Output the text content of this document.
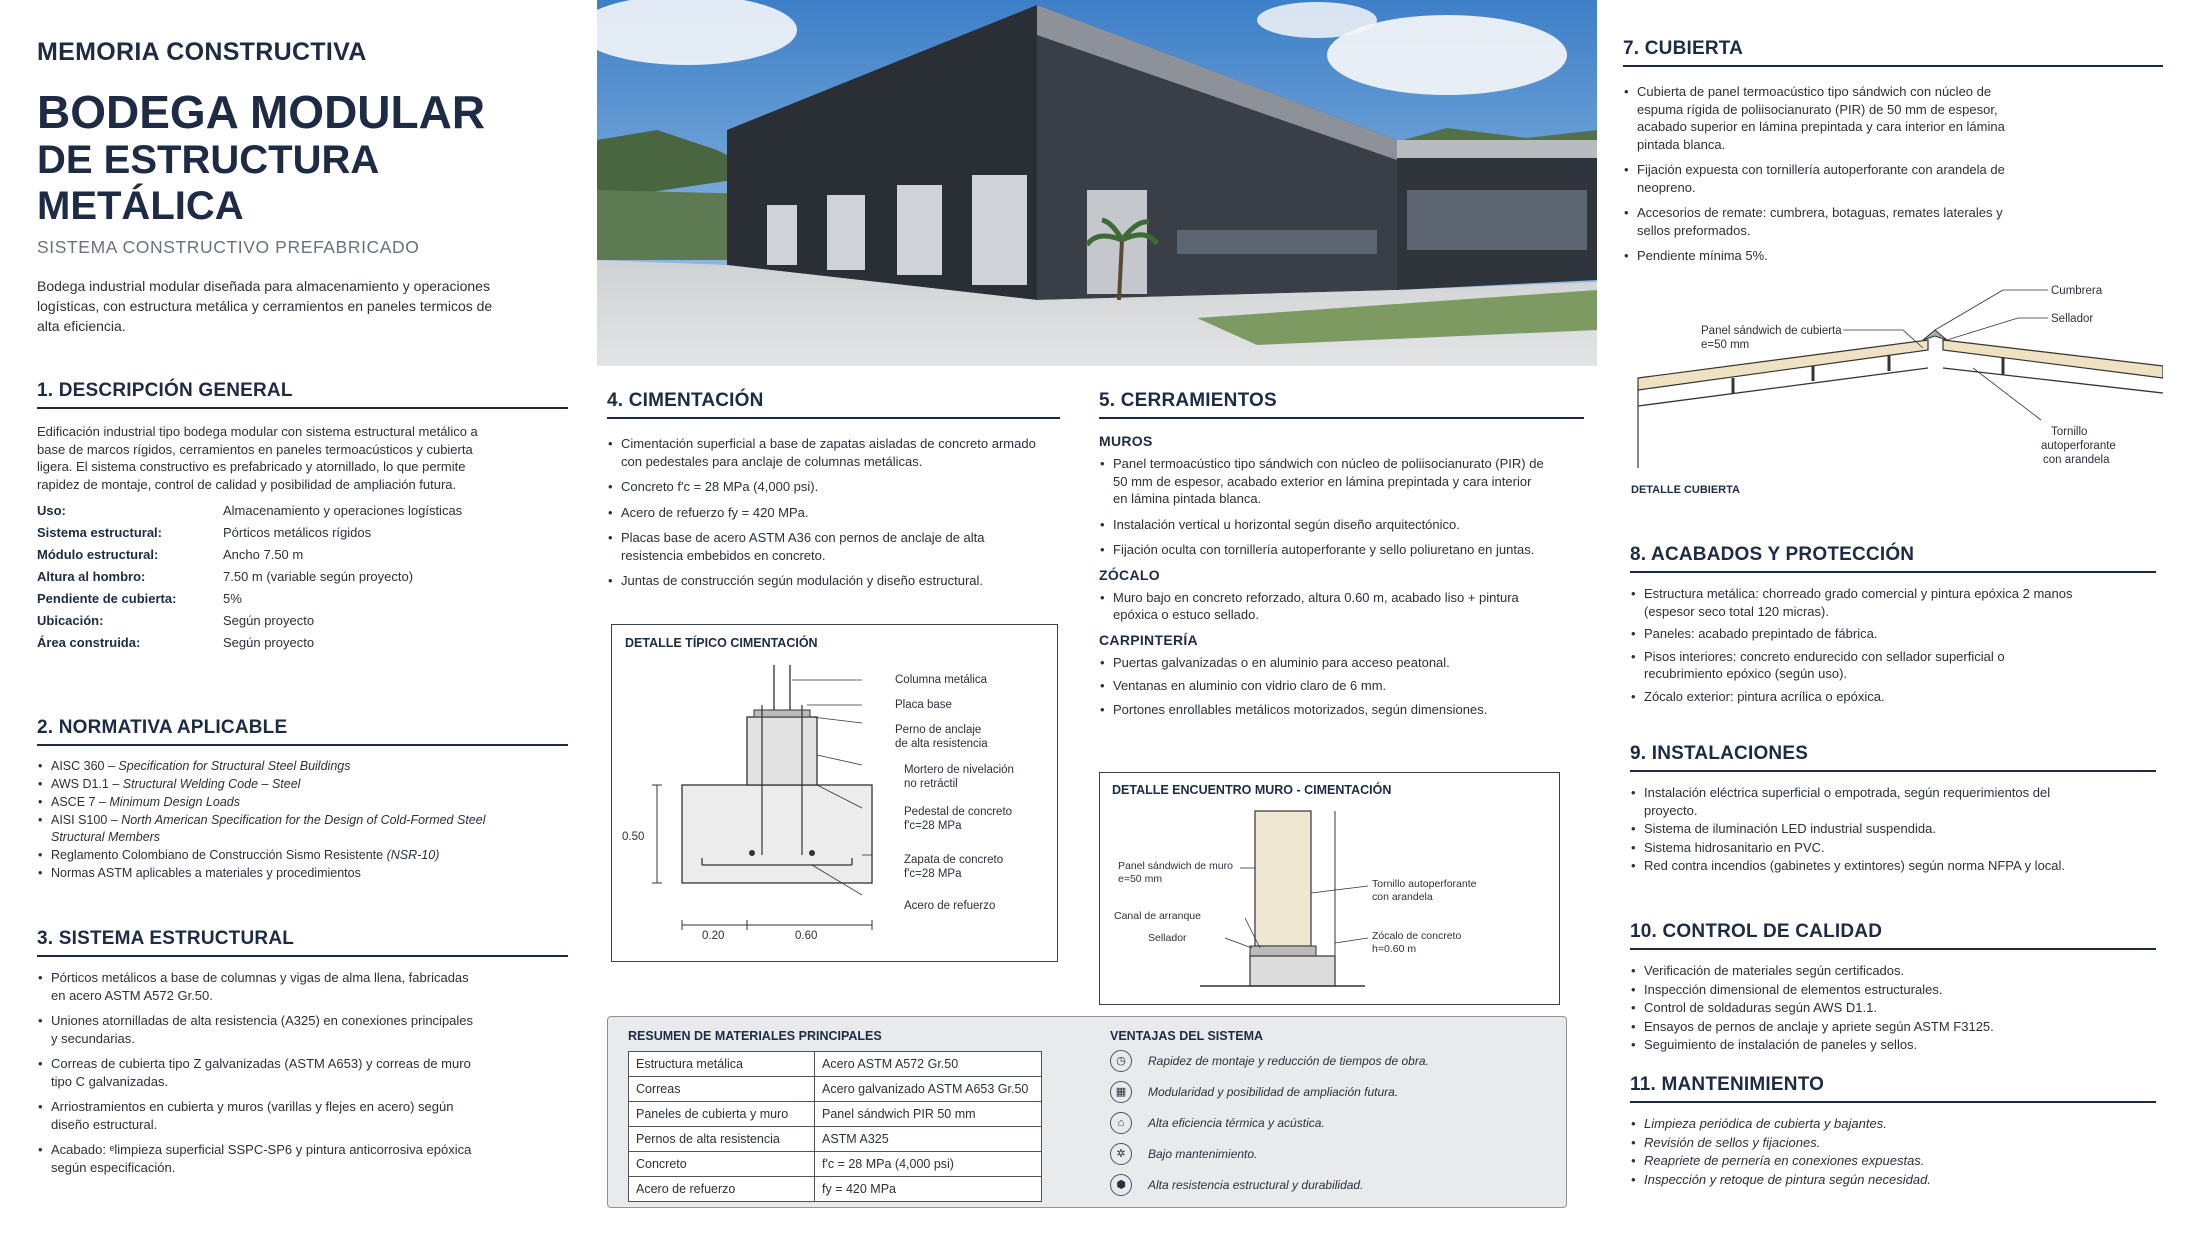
MEMORIA CONSTRUCTIVA
BODEGA MODULAR
DE ESTRUCTURA METÁLICA
SISTEMA CONSTRUCTIVO PREFABRICADO
Bodega industrial modular diseñada para almacenamiento y operaciones logísticas, con estructura metálica y cerramientos en paneles termicos de alta eficiencia.
1. DESCRIPCIÓN GENERAL
Edificación industrial tipo bodega modular con sistema estructural metálico a base de marcos rígidos, cerramientos en paneles termoacústicos y cubierta ligera. El sistema constructivo es prefabricado y atornillado, lo que permite rapidez de montaje, control de calidad y posibilidad de ampliación futura.
Uso:	Almacenamiento y operaciones logísticas
Sistema estructural:	Pórticos metálicos rígidos
Módulo estructural:	Ancho 7.50 m
Altura al hombro:	7.50 m (variable según proyecto)
Pendiente de cubierta:	5%
Ubicación:	Según proyecto
Área construida:	Según proyecto
2. NORMATIVA APLICABLE
• AISC 360 – Specification for Structural Steel Buildings
• AWS D1.1 – Structural Welding Code – Steel
• ASCE 7 – Minimum Design Loads
• AISI S100 – North American Specification for the Design of Cold-Formed Steel Structural Members
• Reglamento Colombiano de Construcción Sismo Resistente (NSR-10)
• Normas ASTM aplicables a materiales y procedimientos
3. SISTEMA ESTRUCTURAL
• Pórticos metálicos a base de columnas y vigas de alma llena, fabricadas en acero ASTM A572 Gr.50.
• Uniones atornilladas de alta resistencia (A325) en conexiones principales y secundarias.
• Correas de cubierta tipo Z galvanizadas (ASTM A653) y correas de muro tipo C galvanizadas.
• Arriostramientos en cubierta y muros (varillas y flejes en acero) según diseño estructural.
• Acabado: ᵉlimpieza superficial SSPC-SP6 y pintura anticorrosiva epóxica según especificación.
4. CIMENTACIÓN
• Cimentación superficial a base de zapatas aisladas de concreto armado con pedestales para anclaje de columnas metálicas.
• Concreto f'c = 28 MPa (4,000 psi).
• Acero de refuerzo fy = 420 MPa.
• Placas base de acero ASTM A36 con pernos de anclaje de alta resistencia embebidos en concreto.
• Juntas de construcción según modulación y diseño estructural.
DETALLE TÍPICO CIMENTACIÓN
Columna metálica
Placa base
Perno de anclaje
de alta resistencia
Mortero de nivelación
no retráctil
Pedestal de concreto
f'c=28 MPa
Zapata de concreto
f'c=28 MPa
Acero de refuerzo
0.50
0.20	0.60
5. CERRAMIENTOS
MUROS
• Panel termoacústico tipo sándwich con núcleo de poliisocianurato (PIR) de 50 mm de espesor, acabado exterior en lámina prepintada y cara interior en lámina pintada blanca.
• Instalación vertical u horizontal según diseño arquitectónico.
• Fijación oculta con tornillería autoperforante y sello poliuretano en juntas.
ZÓCALO
• Muro bajo en concreto reforzado, altura 0.60 m, acabado liso + pintura epóxica o estuco sellado.
CARPINTERÍA
• Puertas galvanizadas o en aluminio para acceso peatonal.
• Ventanas en aluminio con vidrio claro de 6 mm.
• Portones enrollables metálicos motorizados, según dimensiones.
DETALLE ENCUENTRO MURO - CIMENTACIÓN
Panel sándwich de muro
e=50 mm
Canal de arranque
Sellador
Tornillo autoperforante
con arandela
Zócalo de concreto
h=0.60 m
RESUMEN DE MATERIALES PRINCIPALES
Estructura metálica	Acero ASTM A572 Gr.50
Correas	Acero galvanizado ASTM A653 Gr.50
Paneles de cubierta y muro	Panel sándwich PIR 50 mm
Pernos de alta resistencia	ASTM A325
Concreto	f'c = 28 MPa (4,000 psi)
Acero de refuerzo	fy = 420 MPa
VENTAJAS DEL SISTEMA
◷	Rapidez de montaje y reducción de tiempos de obra.
▦	Modularidad y posibilidad de ampliación futura.
⌂	Alta eficiencia térmica y acústica.
✲	Bajo mantenimiento.
⬢	Alta resistencia estructural y durabilidad.
7. CUBIERTA
• Cubierta de panel termoacústico tipo sándwich con núcleo de espuma rígida de poliisocianurato (PIR) de 50 mm de espesor, acabado superior en lámina prepintada y cara interior en lámina pintada blanca.
• Fijación expuesta con tornillería autoperforante con arandela de neopreno.
• Accesorios de remate: cumbrera, botaguas, remates laterales y sellos preformados.
• Pendiente mínima 5%.
Cumbrera
Sellador
Panel sándwich de cubierta
e=50 mm
Tornillo
autoperforante
con arandela
DETALLE CUBIERTA
8. ACABADOS Y PROTECCIÓN
• Estructura metálica: chorreado grado comercial y pintura epóxica 2 manos (espesor seco total 120 micras).
• Paneles: acabado prepintado de fábrica.
• Pisos interiores: concreto endurecido con sellador superficial o recubrimiento epóxico (según uso).
• Zócalo exterior: pintura acrílica o epóxica.
9. INSTALACIONES
• Instalación eléctrica superficial o empotrada, según requerimientos del proyecto.
• Sistema de iluminación LED industrial suspendida.
• Sistema hidrosanitario en PVC.
• Red contra incendios (gabinetes y extintores) según norma NFPA y local.
10. CONTROL DE CALIDAD
• Verificación de materiales según certificados.
• Inspección dimensional de elementos estructurales.
• Control de soldaduras según AWS D1.1.
• Ensayos de pernos de anclaje y apriete según ASTM F3125.
• Seguimiento de instalación de paneles y sellos.
11. MANTENIMIENTO
• Limpieza periódica de cubierta y bajantes.
• Revisión de sellos y fijaciones.
• Reapriete de pernería en conexiones expuestas.
• Inspección y retoque de pintura según necesidad.
